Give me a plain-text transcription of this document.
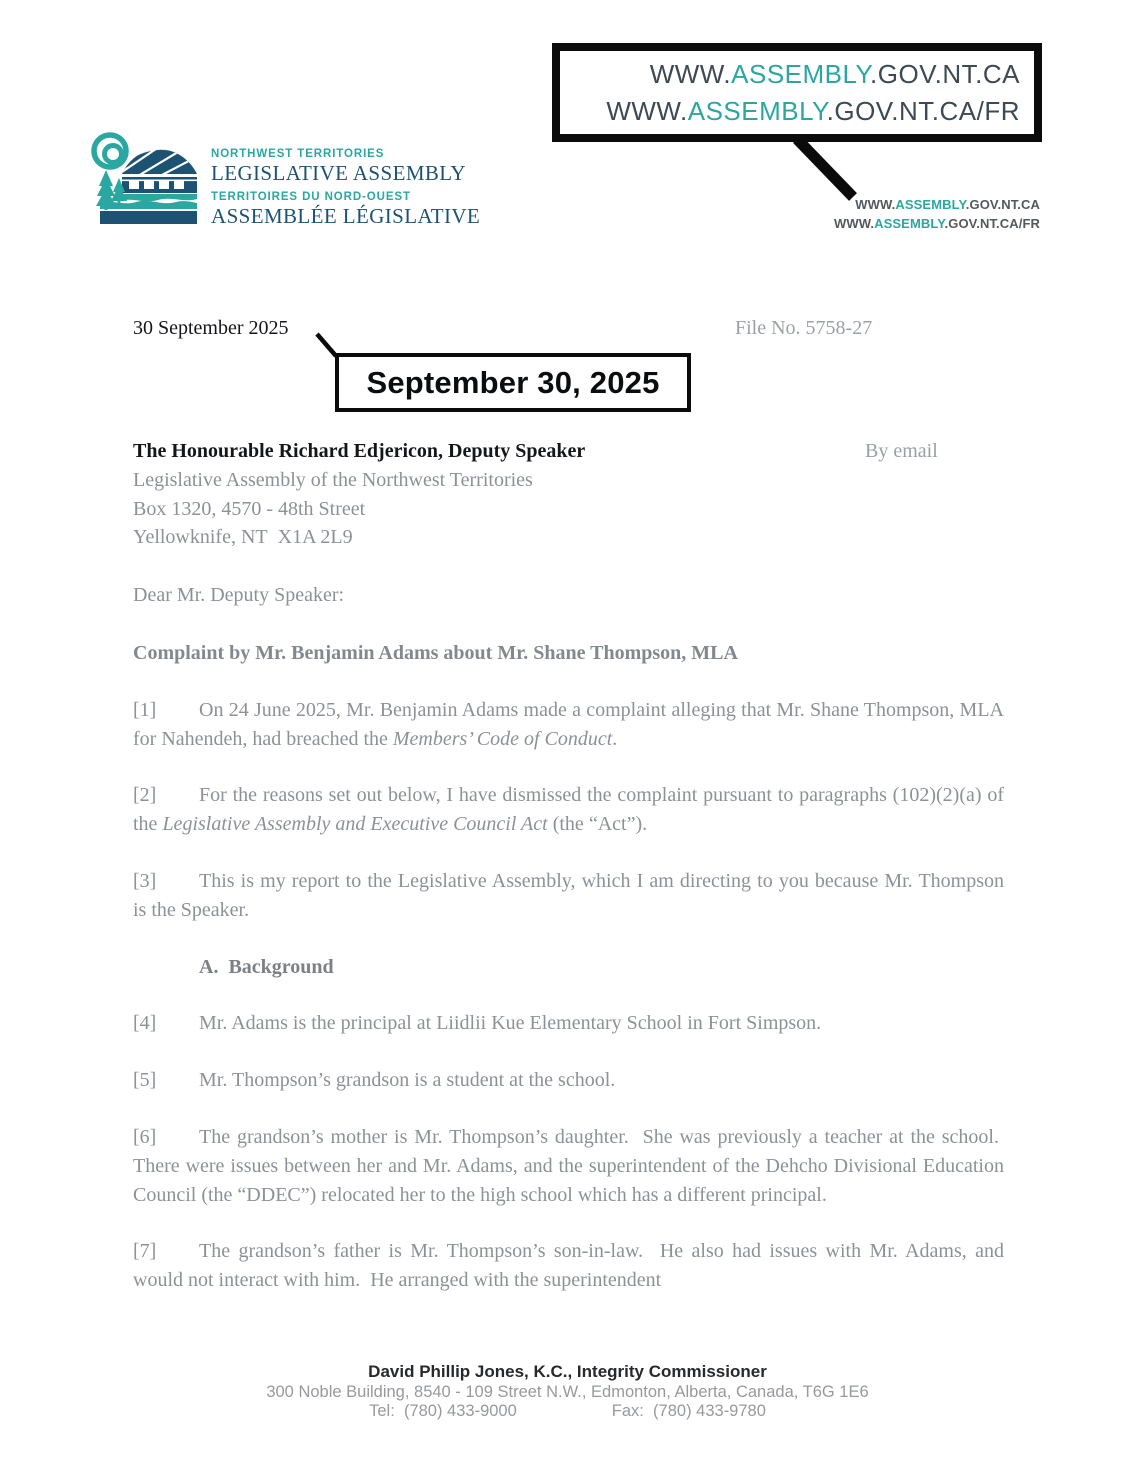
NORTHWEST TERRITORIES
LEGISLATIVE ASSEMBLY
TERRITOIRES DU NORD-OUEST
ASSEMBLÉE LÉGISLATIVE
WWW.ASSEMBLY.GOV.NT.CA
WWW.ASSEMBLY.GOV.NT.CA/FR
WWW.ASSEMBLY.GOV.NT.CA
WWW.ASSEMBLY.GOV.NT.CA/FR
30 September 2025	File No. 5758-27
September 30, 2025
The Honourable Richard Edjericon, Deputy Speaker	By email
Legislative Assembly of the Northwest Territories
Box 1320, 4570 - 48th Street
Yellowknife, NT  X1A 2L9
Dear Mr. Deputy Speaker:
Complaint by Mr. Benjamin Adams about Mr. Shane Thompson, MLA
[1] On 24 June 2025, Mr. Benjamin Adams made a complaint alleging that Mr. Shane Thompson, MLA for Nahendeh, had breached the Members’ Code of Conduct.
[2] For the reasons set out below, I have dismissed the complaint pursuant to paragraphs (102)(2)(a) of the Legislative Assembly and Executive Council Act (the “Act”).
[3] This is my report to the Legislative Assembly, which I am directing to you because Mr. Thompson is the Speaker.
A.  Background
[4] Mr. Adams is the principal at Liidlii Kue Elementary School in Fort Simpson.
[5] Mr. Thompson’s grandson is a student at the school.
[6] The grandson’s mother is Mr. Thompson’s daughter.  She was previously a teacher at the school.  There were issues between her and Mr. Adams, and the superintendent of the Dehcho Divisional Education Council (the “DDEC”) relocated her to the high school which has a different principal.
[7] The grandson’s father is Mr. Thompson’s son-in-law.  He also had issues with Mr. Adams, and would not interact with him.  He arranged with the superintendent
David Phillip Jones, K.C., Integrity Commissioner
300 Noble Building, 8540 - 109 Street N.W., Edmonton, Alberta, Canada, T6G 1E6
Tel:  (780) 433-9000	Fax:  (780) 433-9780
